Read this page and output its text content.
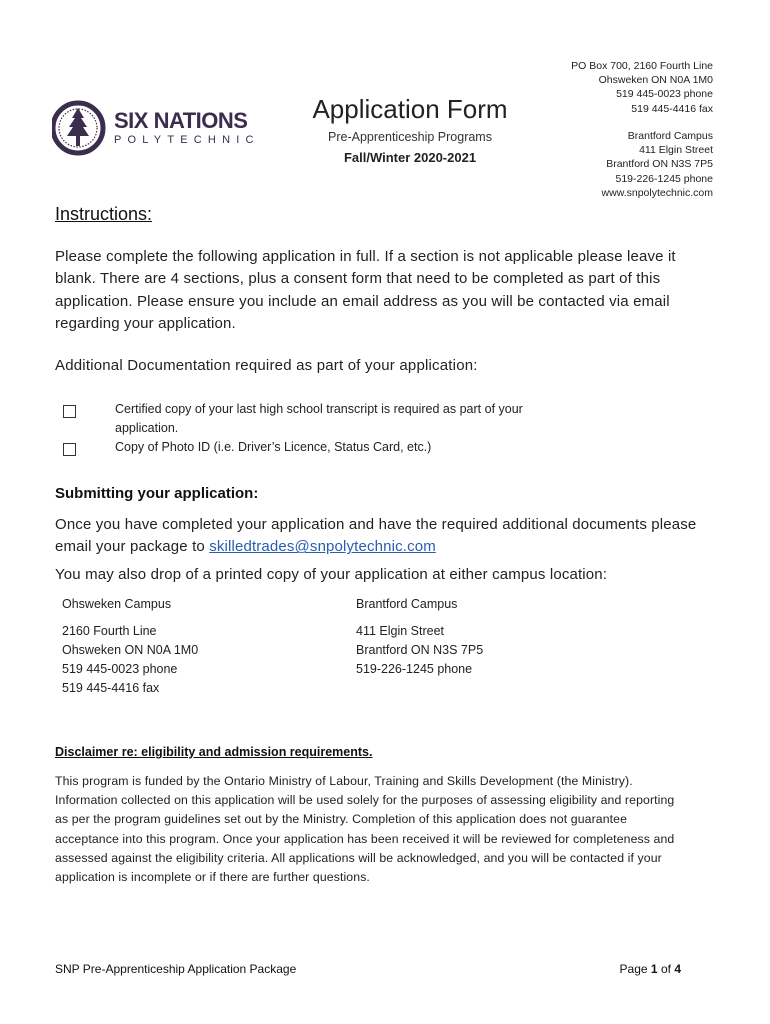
SIX NATIONS
POLYTECHNIC
Application Form
Pre-Apprenticeship Programs
Fall/Winter 2020-2021
PO Box 700, 2160 Fourth Line
Ohsweken ON N0A 1M0
519 445-0023 phone
519 445-4416 fax
Brantford Campus
411 Elgin Street
Brantford ON N3S 7P5
519-226-1245 phone
www.snpolytechnic.com
Instructions:
Please complete the following application in full. If a section is not applicable please leave it blank. There are 4 sections, plus a consent form that need to be completed as part of this application. Please ensure you include an email address as you will be contacted via email regarding your application.
Additional Documentation required as part of your application:
Certified copy of your last high school transcript is required as part of your application.
Copy of Photo ID (i.e. Driver’s Licence, Status Card, etc.)
Submitting your application:
Once you have completed your application and have the required additional documents please email your package to skilledtrades@snpolytechnic.com
You may also drop of a printed copy of your application at either campus location:
Ohsweken Campus
2160 Fourth Line
Ohsweken ON N0A 1M0
519 445-0023 phone
519 445-4416 fax
Brantford Campus
411 Elgin Street
Brantford ON N3S 7P5
519-226-1245 phone
Disclaimer re: eligibility and admission requirements.
This program is funded by the Ontario Ministry of Labour, Training and Skills Development (the Ministry). Information collected on this application will be used solely for the purposes of assessing eligibility and reporting as per the program guidelines set out by the Ministry. Completion of this application does not guarantee acceptance into this program. Once your application has been received it will be reviewed for completeness and assessed against the eligibility criteria. All applications will be acknowledged, and you will be contacted if your application is incomplete or if there are further questions.
SNP Pre-Apprenticeship Application Package	Page 1 of 4
